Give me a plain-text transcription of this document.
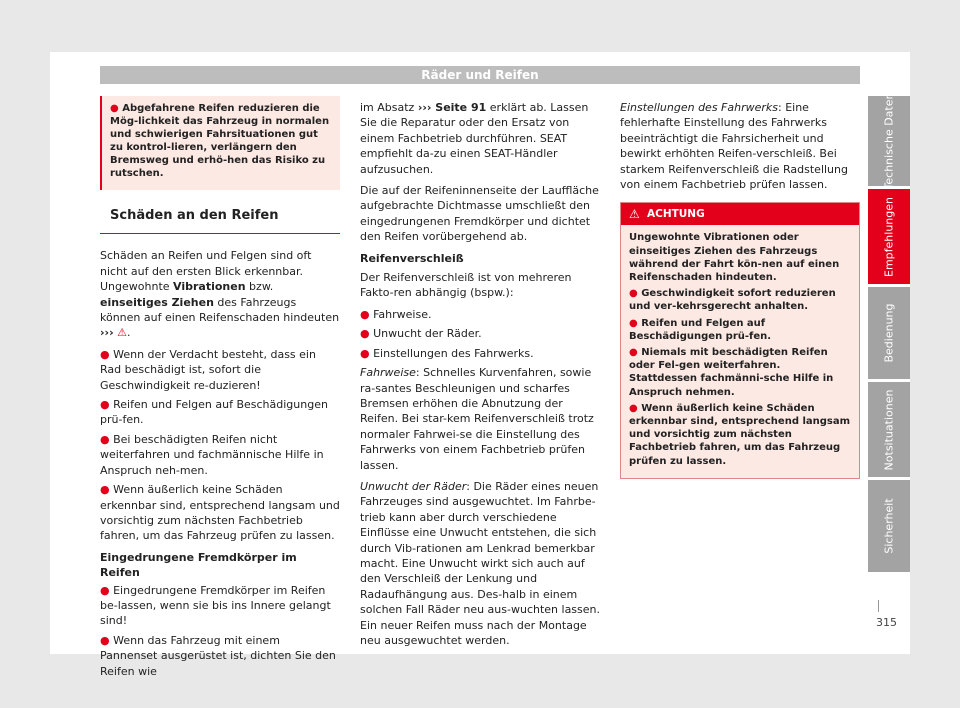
Räder und Reifen
● Abgefahrene Reifen reduzieren die Mög-lichkeit das Fahrzeug in normalen und schwierigen Fahrsituationen gut zu kontrol-lieren, verlängern den Bremsweg und erhö-hen das Risiko zu rutschen.
Schäden an den Reifen

Schäden an Reifen und Felgen sind oft nicht auf den ersten Blick erkennbar. Ungewohnte Vibrationen bzw. einseitiges Ziehen des Fahrzeugs können auf einen Reifenschaden hindeuten ››› ⚠.

● Wenn der Verdacht besteht, dass ein Rad beschädigt ist, sofort die Geschwindigkeit re-duzieren!
● Reifen und Felgen auf Beschädigungen prü-fen.
● Bei beschädigten Reifen nicht weiterfahren und fachmännische Hilfe in Anspruch neh-men.
● Wenn äußerlich keine Schäden erkennbar sind, entsprechend langsam und vorsichtig zum nächsten Fachbetrieb fahren, um das Fahrzeug prüfen zu lassen.
Eingedrungene Fremdkörper im Reifen
● Eingedrungene Fremdkörper im Reifen be-lassen, wenn sie bis ins Innere gelangt sind!
● Wenn das Fahrzeug mit einem Pannenset ausgerüstet ist, dichten Sie den Reifen wie

im Absatz ››› Seite 91 erklärt ab. Lassen Sie die Reparatur oder den Ersatz von einem Fachbetrieb durchführen. SEAT empfiehlt da-zu einen SEAT-Händler aufzusuchen.

Die auf der Reifeninnenseite der Lauffläche aufgebrachte Dichtmasse umschließt den eingedrungenen Fremdkörper und dichtet den Reifen vorübergehend ab.

Reifenverschleiß

Der Reifenverschleiß ist von mehreren Fakto-ren abhängig (bspw.):

● Fahrweise.
● Unwucht der Räder.
● Einstellungen des Fahrwerks.

Fahrweise: Schnelles Kurvenfahren, sowie ra-santes Beschleunigen und scharfes Bremsen erhöhen die Abnutzung der Reifen. Bei star-kem Reifenverschleiß trotz normaler Fahrwei-se die Einstellung des Fahrwerks von einem Fachbetrieb prüfen lassen.

Unwucht der Räder: Die Räder eines neuen Fahrzeuges sind ausgewuchtet. Im Fahrbe-trieb kann aber durch verschiedene Einflüsse eine Unwucht entstehen, die sich durch Vib-rationen am Lenkrad bemerkbar macht. Eine Unwucht wirkt sich auch auf den Verschleiß der Lenkung und Radaufhängung aus. Des-halb in einem solchen Fall Räder neu aus-wuchten lassen. Ein neuer Reifen muss nach der Montage neu ausgewuchtet werden.

Einstellungen des Fahrwerks: Eine fehlerhafte Einstellung des Fahrwerks beeinträchtigt die Fahrsicherheit und bewirkt erhöhten Reifen-verschleiß. Bei starkem Reifenverschleiß die Radstellung von einem Fachbetrieb prüfen lassen.

⚠ ACHTUNG
Ungewohnte Vibrationen oder einseitiges Ziehen des Fahrzeugs während der Fahrt kön-nen auf einen Reifenschaden hindeuten.
● Geschwindigkeit sofort reduzieren und ver-kehrsgerecht anhalten.
● Reifen und Felgen auf Beschädigungen prü-fen.
● Niemals mit beschädigten Reifen oder Fel-gen weiterfahren. Stattdessen fachmänni-sche Hilfe in Anspruch nehmen.
● Wenn äußerlich keine Schäden erkennbar sind, entsprechend langsam und vorsichtig zum nächsten Fachbetrieb fahren, um das Fahrzeug prüfen zu lassen.
Technische Daten
Empfehlungen
Bedienung
Notsituationen
Sicherheit
315
